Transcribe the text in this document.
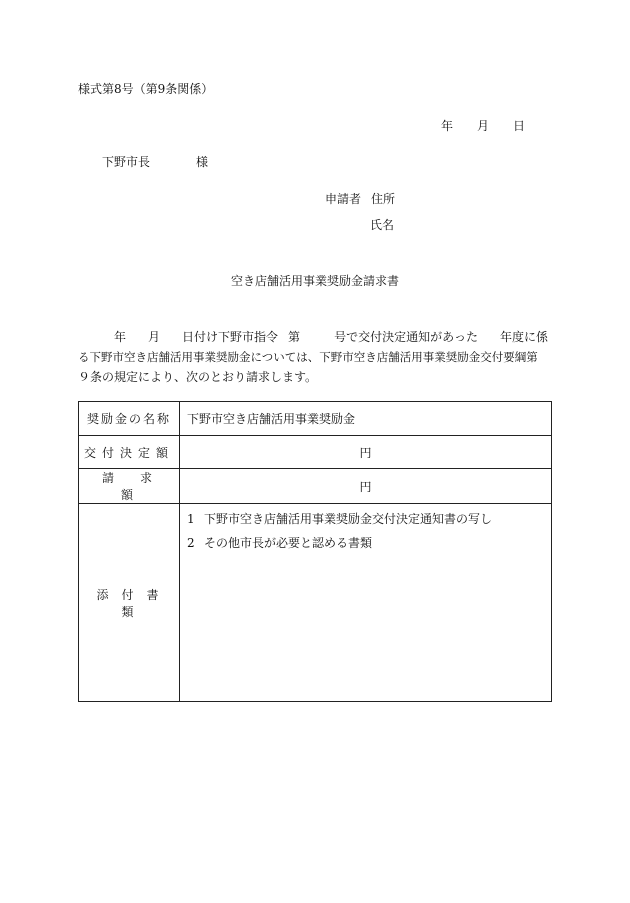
様式第8号（第9条関係）
年 月 日
下野市長	様
申請者 住所
氏名
空き店舗活用事業奨励金請求書
年 月 日付け下野市指令 第	号で交付決定通知があった 年度に係
る下野市空き店舗活用事業奨励金については、下野市空き店舗活用事業奨励金交付要綱第
９条の規定により、次のとおり請求します。
奨励金の名称	下野市空き店舗活用事業奨励金
交付決定額	円
請求額	円
添付書類	1 下野市空き店舗活用事業奨励金交付決定通知書の写し
2 その他市長が必要と認める書類
